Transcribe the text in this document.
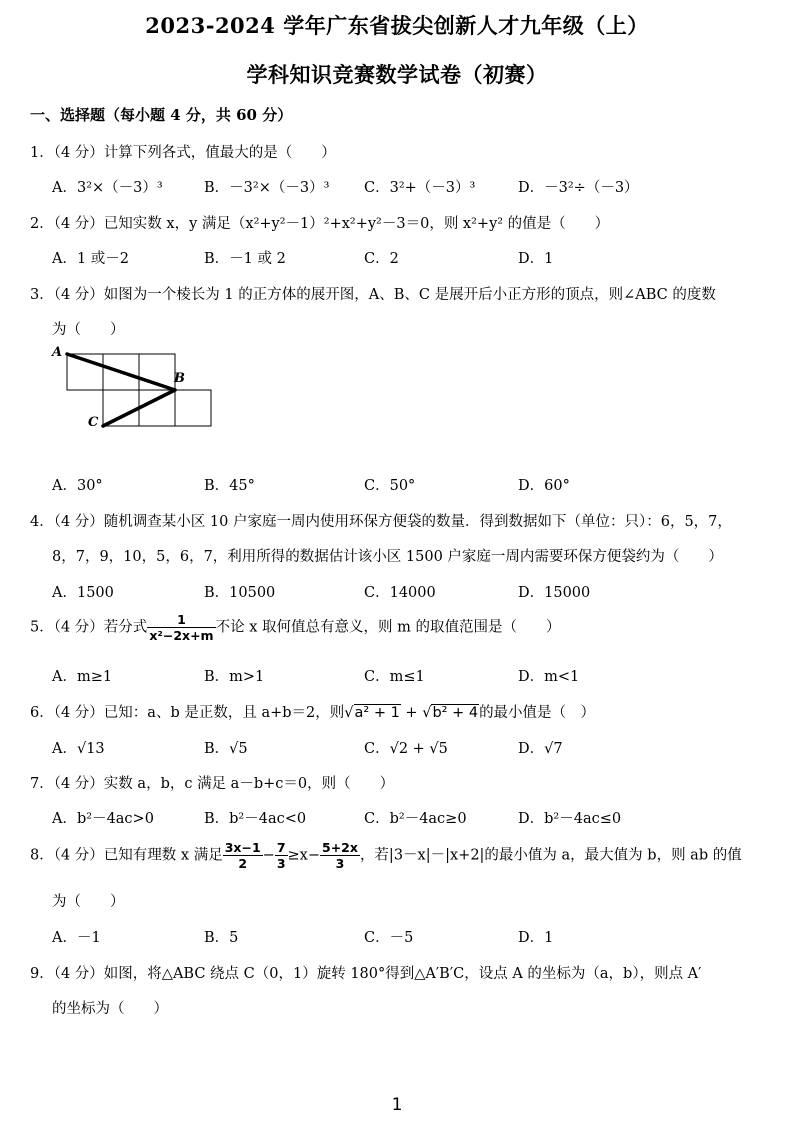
2023-2024 学年广东省拔尖创新人才九年级（上）
学科知识竞赛数学试卷（初赛）
一、选择题（每小题 4 分，共 60 分）
1．（4 分）计算下列各式，值最大的是（　　）
A．3²×（－3）³	B．－3²×（－3）³ C．3²+（－3）³	D．－3²÷（－3）
2．（4 分）已知实数 x，y 满足（x²+y²－1）²+x²+y²－3＝0，则 x²+y² 的值是（　　）
A．1 或－2	B．－1 或 2	C．2	D．1
3．（4 分）如图为一个棱长为 1 的正方体的展开图，A、B、C 是展开后小正方形的顶点，则∠ABC 的度数
为（　　）
A
B
C
A．30°	B．45°	C．50°	D．60°
4．（4 分）随机调查某小区 10 户家庭一周内使用环保方便袋的数量．得到数据如下（单位：只）：6，5，7，
8，7，9，10，5，6，7，利用所得的数据估计该小区 1500 户家庭一周内需要环保方便袋约为（　　）
A．1500	B．10500	C．14000	D．15000
5．（4 分）若分式 $\frac{1}{\text{x²−2x+m}}$ 不论 x 取何值总有意义，则 m 的取值范围是（　　）
A．m≥1	B．m>1	C．m≤1	D．m<1
6．（4 分）已知：a、b 是正数，且 a+b＝2，则√a² + 1 + √b² + 4的最小值是（　）
A．√13	B．√5	C．√2 + √5	D．√7
7．（4 分）实数 a，b，c 满足 a－b+c＝0，则（　　）
A．b²－4ac>0	B．b²－4ac<0	C．b²－4ac≥0	D．b²－4ac≤0
8．（4 分）已知有理数 x 满足 $\frac{3x-1}{2} - \frac{7}{3} \ge x- \frac{5+2x}{3}$ ，若|3－x|－|x+2|的最小值为 a，最大值为 b，则 ab 的值
为（　　）
A．－1	B．5	C．－5	D．1
9．（4 分）如图，将△ABC 绕点 C（0，1）旋转 180°得到△A′B′C，设点 A 的坐标为（a，b），则点 A′
的坐标为（　　）
1
